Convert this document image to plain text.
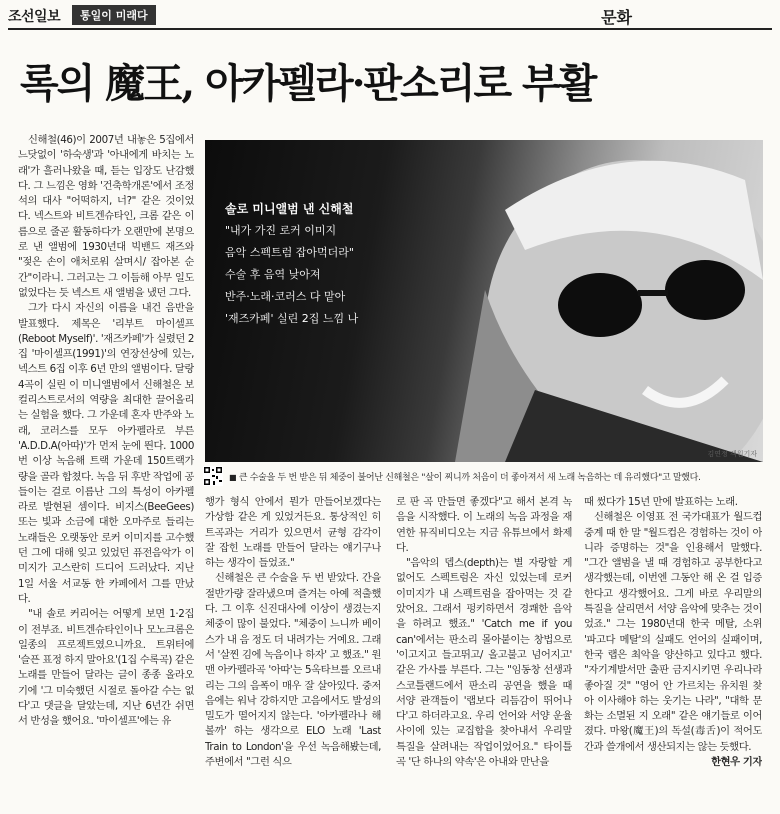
조선일보	통일이 미래다	문화
록의 魔王, 아카펠라·판소리로 부활

신해철(46)이 2007년 내놓은 5집에서 느닷없이 '하숙생'과 '아내에게 바치는 노래'가 흘러나왔을 때, 듣는 입장도 난감했다. 그 느낌은 영화 '건축학개론'에서 조정석의 대사 "어떡하지, 너?" 같은 것이었다. 넥스트와 비트겐슈타인, 크롬 같은 이름으로 줄곧 활동하다가 오랜만에 본명으로 낸 앨범에 1930년대 빅밴드 재즈와 "젖은 손이 애처로워 살며시/ 잡아본 순간"이라니. 그러고는 그 이듬해 아무 일도 없었다는 듯 넥스트 새 앨범을 냈던 그다.

그가 다시 자신의 이름을 내건 음반을 발표했다. 제목은 '리부트 마이셀프(Reboot Myself)'. '재즈카페'가 실렸던 2집 '마이셀프(1991)'의 연장선상에 있는, 넥스트 6집 이후 6년 만의 앨범이다. 달랑 4곡이 실린 이 미니앨범에서 신해철은 보컬리스트로서의 역량을 최대한 끌어올리는 실험을 했다. 그 가운데 혼자 반주와 노래, 코러스를 모두 아카펠라로 부른 'A.D.D.A(아따)'가 먼저 눈에 띈다. 1000번 이상 녹음해 트랙 가운데 150트랙가량을 골라 합쳤다. 녹음 뒤 후반 작업에 공들이는 걸로 이름난 그의 특성이 아카펠라로 발현된 셈이다. 비지스(BeeGees) 또는 빛과 소금에 대한 오마주로 들리는 노래들은 오랫동안 로커 이미지를 고수했던 그에 대해 잊고 있었던 퓨전음악가 이미지가 고스란히 드디어 드러났다. 지난 1일 서울 서교동 한 카페에서 그를 만났다.

"내 솔로 커리어는 어떻게 보면 1·2집이 전부죠. 비트겐슈타인이나 모노크롬은 일종의 프로젝트였으니까요. 트위터에 '슬픈 표정 하지 말아요'(1집 수록곡) 같은 노래를 만들어 달라는 글이 종종 올라오기에 '그 미숙했던 시절로 돌아갈 수는 없다'고 댓글을 달았는데, 지난 6년간 쉬면서 반성을 했어요. '마이셀프'에는 유

솔로 미니앨범 낸 신해철
"내가 가진 로커 이미지
음악 스펙트럼 잡아먹더라"
수술 후 음역 낮아져
반주·노래·코러스 다 맡아
'재즈카페' 실린 2집 느낌 나
김연정 객원기자
■ 큰 수술을 두 번 받은 뒤 체중이 불어난 신해철은 "살이 찌니까 처음이 더 좋아져서 새 노래 녹음하는 데 유리했다"고 말했다.

행가 형식 안에서 뭔가 만들어보겠다는 가상함 같은 게 있었거든요. 통상적인 히트곡과는 거리가 있으면서 균형 감각이 잘 잡힌 노래를 만들어 달라는 얘기구나 하는 생각이 들었죠."

신해철은 큰 수술을 두 번 받았다. 간을 절반가량 잘라냈으며 즐겨는 아예 적출했다. 그 이후 신진대사에 이상이 생겼는지 체중이 많이 불었다. "체중이 느니까 베이스가 내 음 정도 더 내려가는 거예요. 그래서 '살찐 김에 녹음이나 하자' 고 했죠." 원맨 아카펠라곡 '아따'는 5옥타브를 오르내리는 그의 음폭이 매우 잘 살아있다. 중저음에는 워낙 강하지만 고음에서도 발성의 밀도가 떨어지지 않는다. '아카펠라나 해볼까' 하는 생각으로 ELO 노래 'Last Train to London'을 우선 녹음해봤는데, 주변에서 "그런 식으

로 판 곡 만들면 좋겠다"고 해서 본격 녹음을 시작했다. 이 노래의 녹음 과정을 재연한 뮤직비디오는 지금 유튜브에서 화제다.

"음악의 뎁스(depth)는 별 자랑할 게 없어도 스펙트럼은 자신 있었는데 로커 이미지가 내 스펙트럼을 잡아먹는 것 같았어요. 그래서 펑키하면서 경쾌한 음악을 하려고 했죠." 'Catch me if you can'에서는 판소리 몰아붙이는 창법으로 '이고지고 들고뛰고/ 올고불고 넘어지고' 같은 가사를 부른다. 그는 "임동창 선생과 스코틀랜드에서 판소리 공연을 했을 때 서양 관객들이 '랩보다 리듬감이 뛰어나다'고 하더라고요. 우리 언어와 서양 운율 사이에 있는 교집합을 찾아내서 우리말 특질을 살려내는 작업이었어요." 타이틀곡 '단 하나의 약속'은 아내와 만난을

때 썼다가 15년 만에 발표하는 노래.

신해철은 이영표 전 국가대표가 월드컵 중계 때 한 말 "월드컵은 경험하는 것이 아니라 증명하는 것"을 인용해서 말했다. "그간 앨범을 낼 때 경험하고 공부한다고 생각했는데, 이번엔 그동안 해 온 걸 입증한다고 생각했어요. 그게 바로 우리말의 특질을 살리면서 서양 음악에 맞추는 것이었죠." 그는 1980년대 한국 메탈, 소위 '파고다 메탈'의 실패도 언어의 실패이며, 한국 랩은 최악을 양산하고 있다고 했다. "자기계발서만 출판 금지시키면 우리나라 좋아질 것" "영어 안 가르치는 유치원 찾아 이사해야 하는 웃기는 나라", "대학 문화는 소멸된 지 오래" 같은 얘기들로 이어졌다. 마왕(魔王)의 독설(毒舌)이 적어도 간과 쓸개에서 생산되지는 않는 듯했다.

한현우 기자
